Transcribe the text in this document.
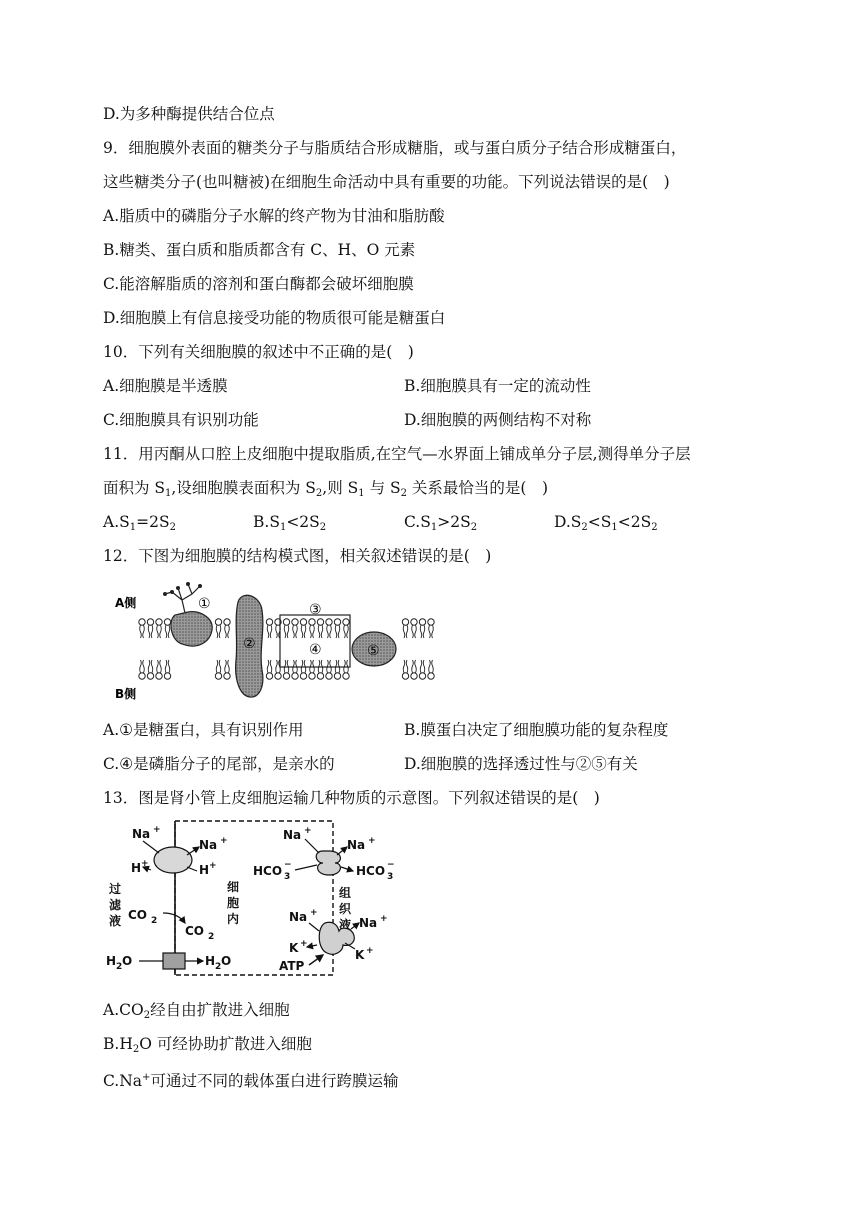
D.为多种酶提供结合位点
9．细胞膜外表面的糖类分子与脂质结合形成糖脂，或与蛋白质分子结合形成糖蛋白，
这些糖类分子(也叫糖被)在细胞生命活动中具有重要的功能。下列说法错误的是(　)
A.脂质中的磷脂分子水解的终产物为甘油和脂肪酸
B.糖类、蛋白质和脂质都含有 C、H、O 元素
C.能溶解脂质的溶剂和蛋白酶都会破坏细胞膜
D.细胞膜上有信息接受功能的物质很可能是糖蛋白
10．下列有关细胞膜的叙述中不正确的是(　)
A.细胞膜是半透膜	B.细胞膜具有一定的流动性
C.细胞膜具有识别功能	D.细胞膜的两侧结构不对称
11．用丙酮从口腔上皮细胞中提取脂质,在空气—水界面上铺成单分子层,测得单分子层
面积为 $S_1$,设细胞膜表面积为 $S_2$,则 $S_1$ 与 $S_2$ 关系最恰当的是(　)
$A.S_1=2S_2$	$B.S_1<2S_2$	$C.S_1>2S_2$	$D.S_2<S_1<2S_2$
12．下图为细胞膜的结构模式图，相关叙述错误的是(　)
A侧
B侧
①
②
③
④	⑤
A.①是糖蛋白，具有识别作用	B.膜蛋白决定了细胞膜功能的复杂程度
C.④是磷脂分子的尾部，是亲水的	D.细胞膜的选择透过性与②⑤有关
13．图是肾小管上皮细胞运输几种物质的示意图。下列叙述错误的是(　)
Na +
Na +
H +	H +
过
滤
液 CO 2
CO 2
H 2 O	H 2 O
细
胞
内
Na +
Na +
HCO −
3	HCO −
3
组
织
液
Na +
Na +
K +
K +
ATP
$A.CO_2$经自由扩散进入细胞
$B.H_2O$ 可经协助扩散进入细胞
C.Na+可通过不同的载体蛋白进行跨膜运输
